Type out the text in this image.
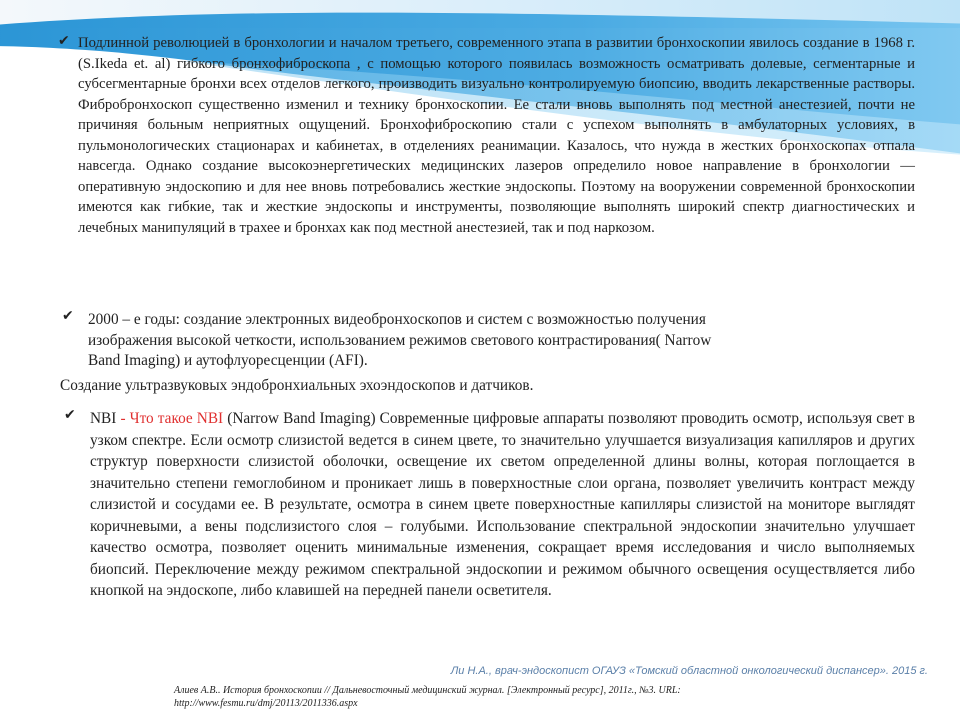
✔ Подлинной революцией в бронхологии и началом третьего, современного этапа в развитии бронхоскопии явилось создание в 1968 г. (S.Ikeda et. al) гибкого бронхофиброскопа , с помощью которого появилась возможность осматривать долевые, сегментарные и субсегментарные бронхи всех отделов легкого, производить визуально контролируемую биопсию, вводить лекарственные растворы. Фибробронхоскоп существенно изменил и технику бронхоскопии. Ее стали вновь выполнять под местной анестезией, почти не причиняя больным неприятных ощущений. Бронхофиброскопию стали с успехом выполнять в амбулаторных условиях, в пульмонологических стационарах и кабинетах, в отделениях реанимации. Казалось, что нужда в жестких бронхоскопах отпала навсегда. Однако создание высокоэнергетических медицинских лазеров определило новое направление в бронхологии — оперативную эндоскопию и для нее вновь потребовались жесткие эндоскопы. Поэтому на вооружении современной бронхоскопии имеются как гибкие, так и жесткие эндоскопы и инструменты, позволяющие выполнять широкий спектр диагностических и лечебных манипуляций в трахее и бронхах как под местной анестезией, так и под наркозом.
✔ 2000 – е годы: создание электронных видеобронхоскопов и систем с возможностью получения
изображения высокой четкости, использованием режимов светового контрастирования( Narrow
Band Imaging) и аутофлуоресценции (AFI).
Создание ультразвуковых эндобронхиальных эхоэндоскопов и датчиков.
✔ NBI - Что такое NBI (Narrow Band Imaging) Современные цифровые аппараты позволяют проводить осмотр, используя свет в узком спектре. Если осмотр слизистой ведется в синем цвете, то значительно улучшается визуализация капилляров и других структур поверхности слизистой оболочки, освещение их светом определенной длины волны, которая поглощается в значительно степени гемоглобином и проникает лишь в поверхностные слои органа, позволяет увеличить контраст между слизистой и сосудами ее. В результате, осмотра в синем цвете поверхностные капилляры слизистой на мониторе выглядят коричневыми, а вены подслизистого слоя – голубыми. Использование спектральной эндоскопии значительно улучшает качество осмотра, позволяет оценить минимальные изменения, сокращает время исследования и число выполняемых биопсий. Переключение между режимом спектральной эндоскопии и режимом обычного освещения осуществляется либо кнопкой на эндоскопе, либо клавишей на передней панели осветителя.
Ли Н.А., врач-эндоскопист ОГАУЗ «Томский областной онкологический диспансер». 2015 г.
Алиев А.В.. История бронхоскопии // Дальневосточный медицинский журнал. [Электронный ресурс], 2011г., №3. URL:
http://www.fesmu.ru/dmj/20113/2011336.aspx
